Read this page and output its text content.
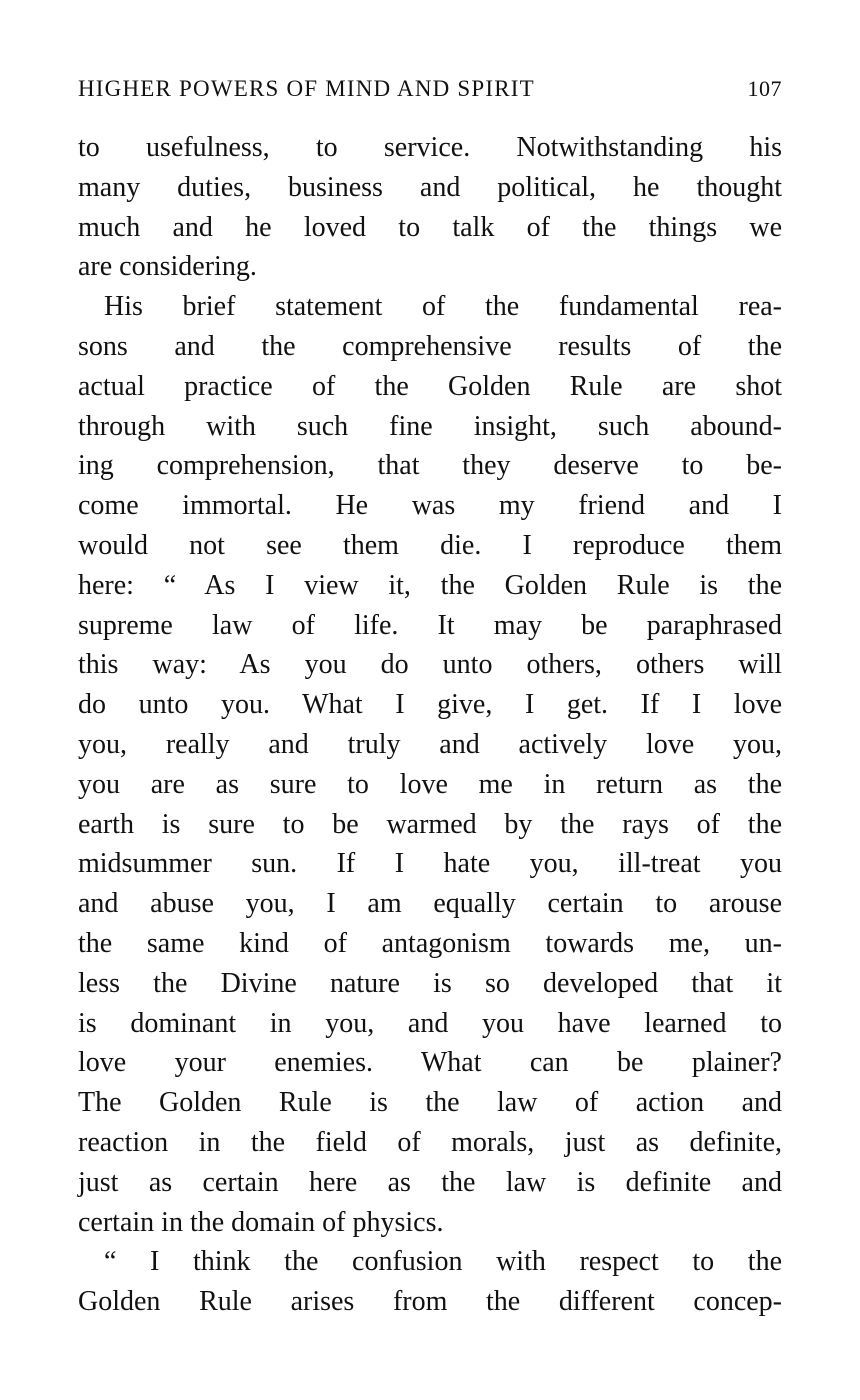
HIGHER POWERS OF MIND AND SPIRIT	107
to usefulness, to service. Notwithstanding his
many duties, business and political, he thought
much and he loved to talk of the things we
are considering.
His brief statement of the fundamental rea-
sons and the comprehensive results of the
actual practice of the Golden Rule are shot
through with such fine insight, such abound-
ing comprehension, that they deserve to be-
come immortal. He was my friend and I
would not see them die. I reproduce them
here: “ As I view it, the Golden Rule is the
supreme law of life. It may be paraphrased
this way: As you do unto others, others will
do unto you. What I give, I get. If I love
you, really and truly and actively love you,
you are as sure to love me in return as the
earth is sure to be warmed by the rays of the
midsummer sun. If I hate you, ill-treat you
and abuse you, I am equally certain to arouse
the same kind of antagonism towards me, un-
less the Divine nature is so developed that it
is dominant in you, and you have learned to
love your enemies. What can be plainer?
The Golden Rule is the law of action and
reaction in the field of morals, just as definite,
just as certain here as the law is definite and
certain in the domain of physics.
“ I think the confusion with respect to the
Golden Rule arises from the different concep-
